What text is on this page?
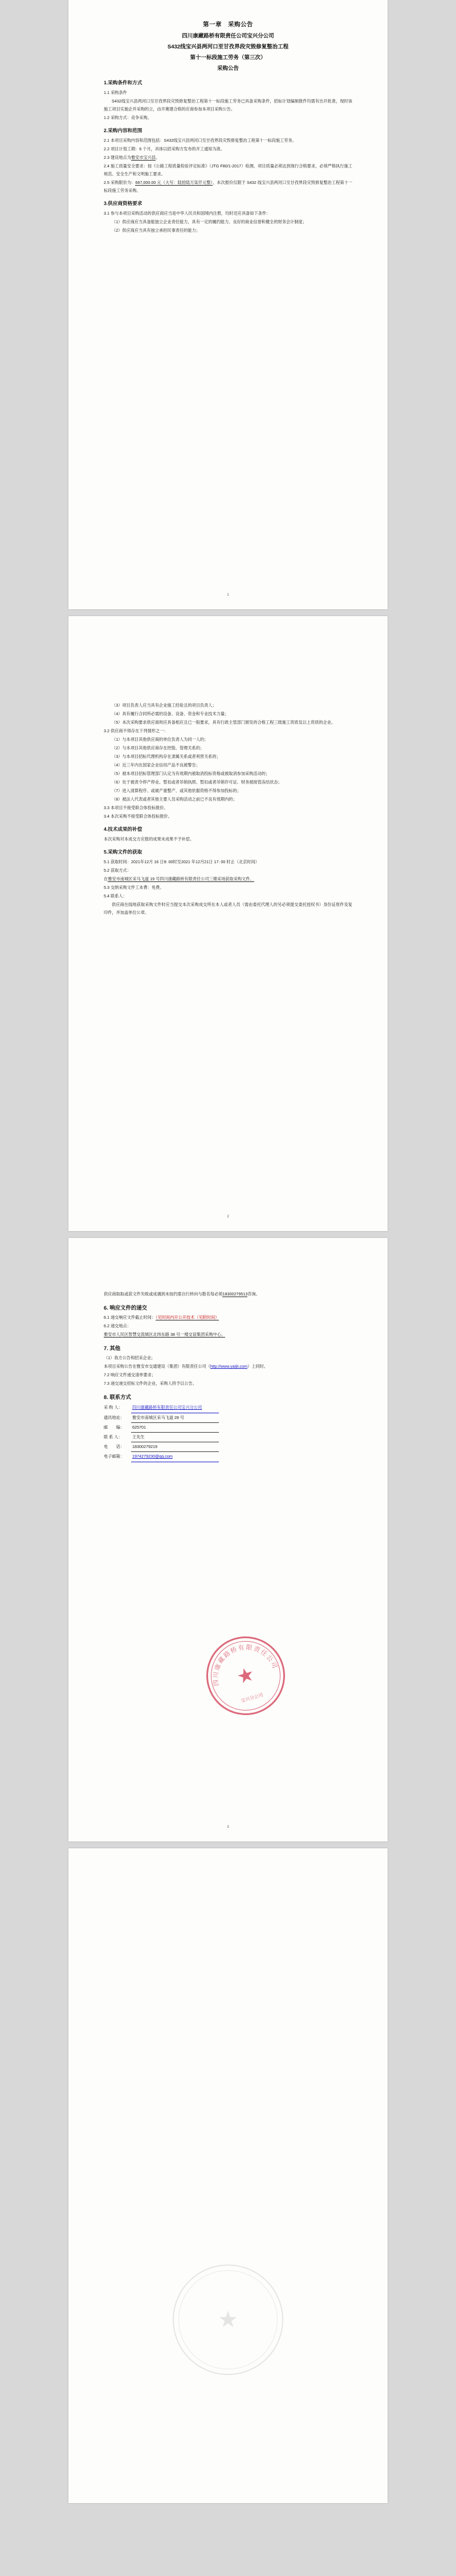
第一章　采购公告
四川康藏路桥有限责任公司宝兴分公司
S432线宝兴县两河口至甘孜界段灾毁修复整治工程
第十一标段施工劳务（第三次）
采购公告
1.采购条件和方式

1.1 采购条件

S432线宝兴县两河口至甘孜界段灾毁修复整治工程第十一标段施工劳务已具备采购条件，招标计划编制报件均需有出开批准，现时该施工项目实施企并采购的立，由开赛建合格的应商参加本项目采购公告。

1.2 采购方式：竞争采购。

2.采购内容和范围

2.1 本项目采购内容和范围包括：S432线宝兴县两河口至甘孜界段灾毁修复整治工程第十一标段施工劳务。

2.2 项目计划工期：6 个月，具体以招采购方发布的开工通知为准。

2.3 建设地点为雅安市宝兴县。

2.4 施工质量安全要求：按《公路工程质量检验评定标准》（JTG F80/1-2017）检测，项目质量必须达到现行合格要求，必须严格执行施工规范、安全生产和文明施工要求。

2.5 采购限价为：667,000.00 元（大写：陆拾陆万柒仟元整），本次报价仅限于 S432 线宝兴县两河口至甘孜界段灾毁修复整治工程第十一标段施工劳务采购。

3.供应商资格要求

3.1 参与本项目采购活动的供应商应当是中华人民共和国境内注册，均时还应具备如下条件：

（1）供应商应当具备能独立企业责任能力，具有一定的履约能力、良好的商业信誉和健全的财务会计制度；

（2）供应商应当具有独立承担民事责任的能力；

1

（3）项目负责人应当具有企业施工经验且的项目负责人；

（4）具有履行合同所必需的设备、设备、资金和专业技术力量；

（5）本次采购要求供应商则应具备相应且已一般要求，具有行政主管部门颁发的合格工程三级施工资质及以上资质的企业。

3.2 供应商不得存在下列情形之一：

（1）与本项目其他供应商的单位负责人为同一人的；

（2）与本项目其他供应商存在控股、管理关系的；

（3）与本项目招标代理机构存在隶属关系或者利害关系的；

（4）近三年内在国家企业信用产品不良被警告；

（5）被本项目招标管理部门认定为有效期内被取消投标资格或被取消参加采购活动的；

（6）处于被责令停产停业、暂扣或者吊销执照、暂扣或者吊销许可证、财务被接管冻结状态；

（7）进入清算程序、或破产重整产、或其他依据资格不得参加投标的；

（8）被法人代表或者其他主要人员采购活动之前已不良有效期内的；

3.3 本项目不接受联合体投标报价。

3.4 本次采购不接受联合体投标报价。

4.技术成果的补偿

本次采购对本成交方应报的成果未成果不予补偿。

5.采购文件的获取

5.1 获取时间：2021年12月 16 日9: 00时至2021 年12月21日 17: 00 时止（北京时间）

5.2 获取方式：

在雅安市南城区采马飞道 19 号四川康藏路桥有限责任公司三楼采场获取采购文件。

5.3 交纳采购文件工本费：免费。

5.4 联系人：

供应商在线地获取采购文件时应当提交本次采购成交所在本人或者人员（需由委托代理人的另必须提交委托授权书）身份证原件及复印件，并加盖单位公章。

2

供应商取取或获文件失败或成遇到未按约需自行转向与数名每必须18300279513咨询。

6. 响应文件的递交

6.1 递交响应文件截止时间：（见时间内开公开技术（见附时间）

6.2 递交地点：

雅安市人民区智慧交流城区北纬东路 38 号一楼交谊集团采购中心。

7. 其他

（1）我方公告和招采企业；

本项目采购公告在雅安市交通建设（集团）有限责任公司（http://www.yaijit.com）上同时。

7.2 响应文件递交清单要求；

7.3 递交递交招标文件的企业，采购人将予以公告。

8. 联系方式

采 购 人： 四川康藏路桥有限责任公司宝兴分公司

通讯地址： 雅安市南城区采马飞道 28 号

邮　　编： 625701

联 系 人： 王先生

电　　话： 18300279219

电子邮箱： 1974279230@qq.com

四川康藏路桥有限责任公司
★
宝兴分公司
3
★
